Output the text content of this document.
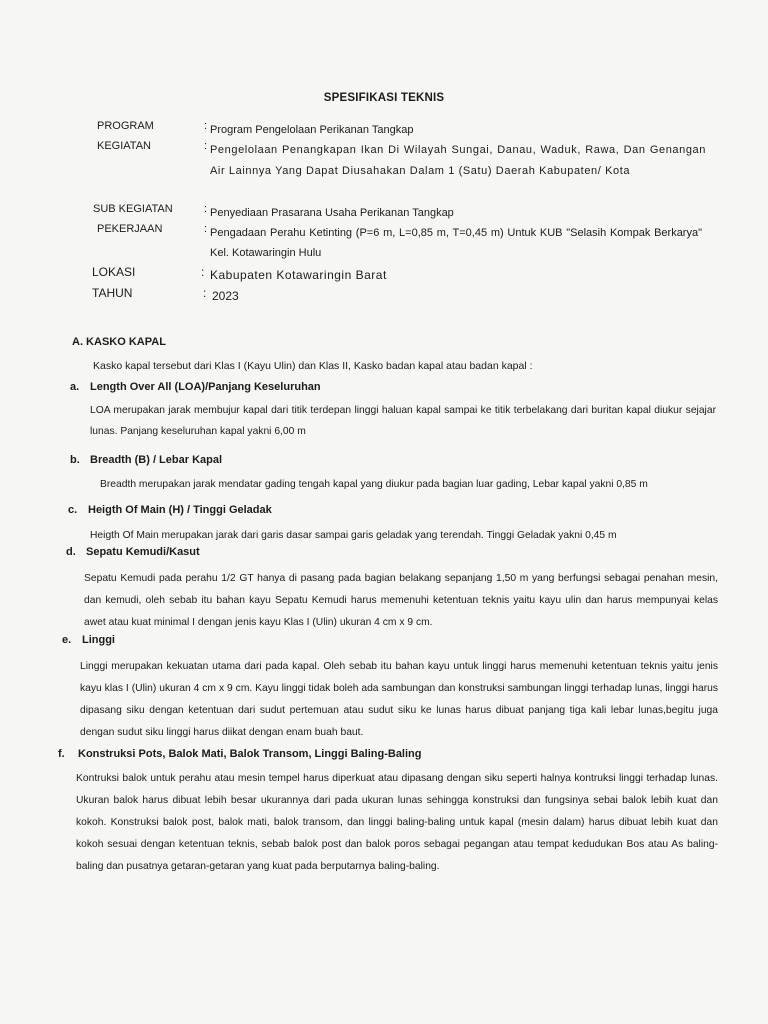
SPESIFIKASI TEKNIS
PROGRAM	: Program Pengelolaan Perikanan Tangkap
KEGIATAN	: Pengelolaan Penangkapan Ikan Di Wilayah Sungai, Danau, Waduk, Rawa, Dan Genangan Air Lainnya Yang Dapat Diusahakan Dalam 1 (Satu) Daerah Kabupaten/ Kota
SUB KEGIATAN	: Penyediaan Prasarana Usaha Perikanan Tangkap
PEKERJAAN	: Pengadaan Perahu Ketinting (P=6 m, L=0,85 m, T=0,45 m) Untuk KUB "Selasih Kompak Berkarya" Kel. Kotawaringin Hulu
LOKASI	: Kabupaten Kotawaringin Barat
TAHUN	: 2023
A. KASKO KAPAL
Kasko kapal tersebut dari Klas I (Kayu Ulin) dan Klas II, Kasko badan kapal atau badan kapal :
a. Length Over All (LOA)/Panjang Keseluruhan
LOA merupakan jarak membujur kapal dari titik terdepan linggi haluan kapal sampai ke titik terbelakang dari buritan kapal diukur sejajar lunas. Panjang keseluruhan kapal yakni 6,00 m
b. Breadth (B) / Lebar Kapal
Breadth merupakan jarak mendatar gading tengah kapal yang diukur pada bagian luar gading, Lebar kapal yakni 0,85 m
c. Heigth Of Main (H) / Tinggi Geladak
Heigth Of Main merupakan jarak dari garis dasar sampai garis geladak yang terendah. Tinggi Geladak yakni 0,45 m
d. Sepatu Kemudi/Kasut
Sepatu Kemudi pada perahu 1/2 GT hanya di pasang pada bagian belakang sepanjang 1,50 m yang berfungsi sebagai penahan mesin, dan kemudi, oleh sebab itu bahan kayu Sepatu Kemudi harus memenuhi ketentuan teknis yaitu kayu ulin dan harus mempunyai kelas awet atau kuat minimal I dengan jenis kayu Klas I (Ulin) ukuran 4 cm x 9 cm.
e. Linggi
Linggi merupakan kekuatan utama dari pada kapal. Oleh sebab itu bahan kayu untuk linggi harus memenuhi ketentuan teknis yaitu jenis kayu klas I (Ulin) ukuran 4 cm x 9 cm. Kayu linggi tidak boleh ada sambungan dan konstruksi sambungan linggi terhadap lunas, linggi harus dipasang siku dengan ketentuan dari sudut pertemuan atau sudut siku ke lunas harus dibuat panjang tiga kali lebar lunas,begitu juga dengan sudut siku linggi harus diikat dengan enam buah baut.
f. Konstruksi Pots, Balok Mati, Balok Transom, Linggi Baling-Baling
Kontruksi balok untuk perahu atau mesin tempel harus diperkuat atau dipasang dengan siku seperti halnya kontruksi linggi terhadap lunas. Ukuran balok harus dibuat lebih besar ukurannya dari pada ukuran lunas sehingga konstruksi dan fungsinya sebai balok lebih kuat dan kokoh. Konstruksi balok post, balok mati, balok transom, dan linggi baling-baling untuk kapal (mesin dalam) harus dibuat lebih kuat dan kokoh sesuai dengan ketentuan teknis, sebab balok post dan balok poros sebagai pegangan atau tempat kedudukan Bos atau As baling-baling dan pusatnya getaran-getaran yang kuat pada berputarnya baling-baling.
